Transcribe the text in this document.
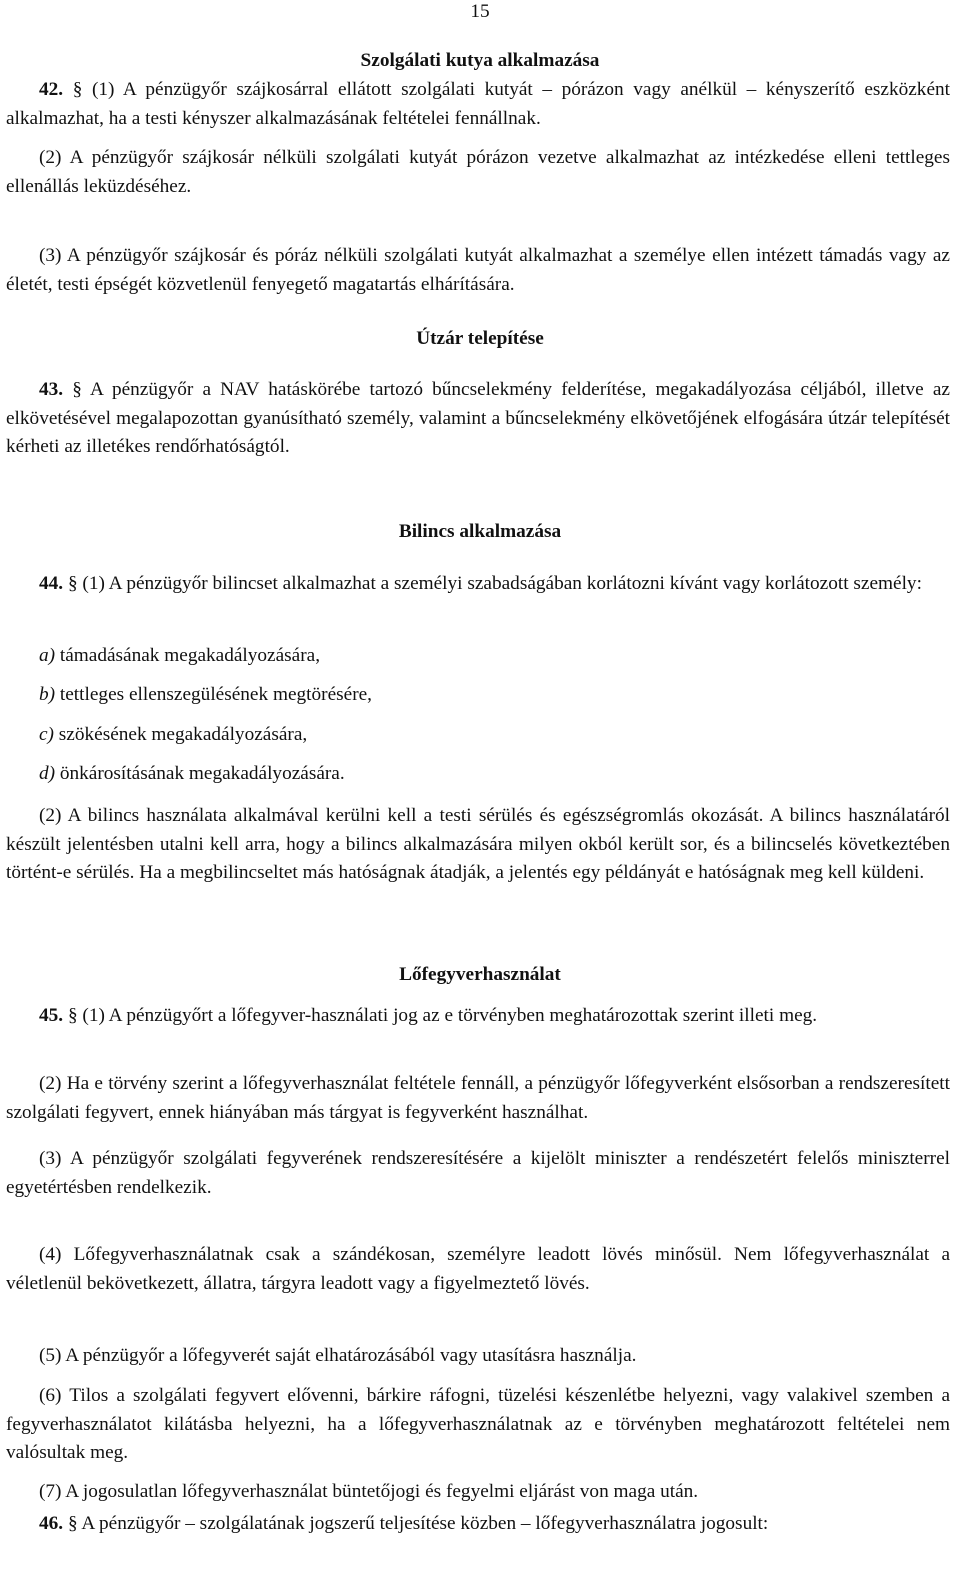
15
Szolgálati kutya alkalmazása

42. § (1) A pénzügyőr szájkosárral ellátott szolgálati kutyát – pórázon vagy anélkül – kényszerítő eszközként alkalmazhat, ha a testi kényszer alkalmazásának feltételei fennállnak.

(2) A pénzügyőr szájkosár nélküli szolgálati kutyát pórázon vezetve alkalmazhat az intézkedése elleni tettleges ellenállás leküzdéséhez.

(3) A pénzügyőr szájkosár és póráz nélküli szolgálati kutyát alkalmazhat a személye ellen intézett támadás vagy az életét, testi épségét közvetlenül fenyegető magatartás elhárítására.

Útzár telepítése

43. § A pénzügyőr a NAV hatáskörébe tartozó bűncselekmény felderítése, megakadályozása céljából, illetve az elkövetésével megalapozottan gyanúsítható személy, valamint a bűncselekmény elkövetőjének elfogására útzár telepítését kérheti az illetékes rendőrhatóságtól.

Bilincs alkalmazása

44. § (1) A pénzügyőr bilincset alkalmazhat a személyi szabadságában korlátozni kívánt vagy korlátozott személy:

a) támadásának megakadályozására,

b) tettleges ellenszegülésének megtörésére,

c) szökésének megakadályozására,

d) önkárosításának megakadályozására.

(2) A bilincs használata alkalmával kerülni kell a testi sérülés és egészségromlás okozását. A bilincs használatáról készült jelentésben utalni kell arra, hogy a bilincs alkalmazására milyen okból került sor, és a bilincselés következtében történt-e sérülés. Ha a megbilincseltet más hatóságnak átadják, a jelentés egy példányát e hatóságnak meg kell küldeni.

Lőfegyverhasználat

45. § (1) A pénzügyőrt a lőfegyver-használati jog az e törvényben meghatározottak szerint illeti meg.

(2) Ha e törvény szerint a lőfegyverhasználat feltétele fennáll, a pénzügyőr lőfegyverként elsősorban a rendszeresített szolgálati fegyvert, ennek hiányában más tárgyat is fegyverként használhat.

(3) A pénzügyőr szolgálati fegyverének rendszeresítésére a kijelölt miniszter a rendészetért felelős miniszterrel egyetértésben rendelkezik.

(4) Lőfegyverhasználatnak csak a szándékosan, személyre leadott lövés minősül. Nem lőfegyverhasználat a véletlenül bekövetkezett, állatra, tárgyra leadott vagy a figyelmeztető lövés.

(5) A pénzügyőr a lőfegyverét saját elhatározásából vagy utasításra használja.

(6) Tilos a szolgálati fegyvert elővenni, bárkire ráfogni, tüzelési készenlétbe helyezni, vagy valakivel szemben a fegyverhasználatot kilátásba helyezni, ha a lőfegyverhasználatnak az e törvényben meghatározott feltételei nem valósultak meg.

(7) A jogosulatlan lőfegyverhasználat büntetőjogi és fegyelmi eljárást von maga után.

46. § A pénzügyőr – szolgálatának jogszerű teljesítése közben – lőfegyverhasználatra jogosult:
